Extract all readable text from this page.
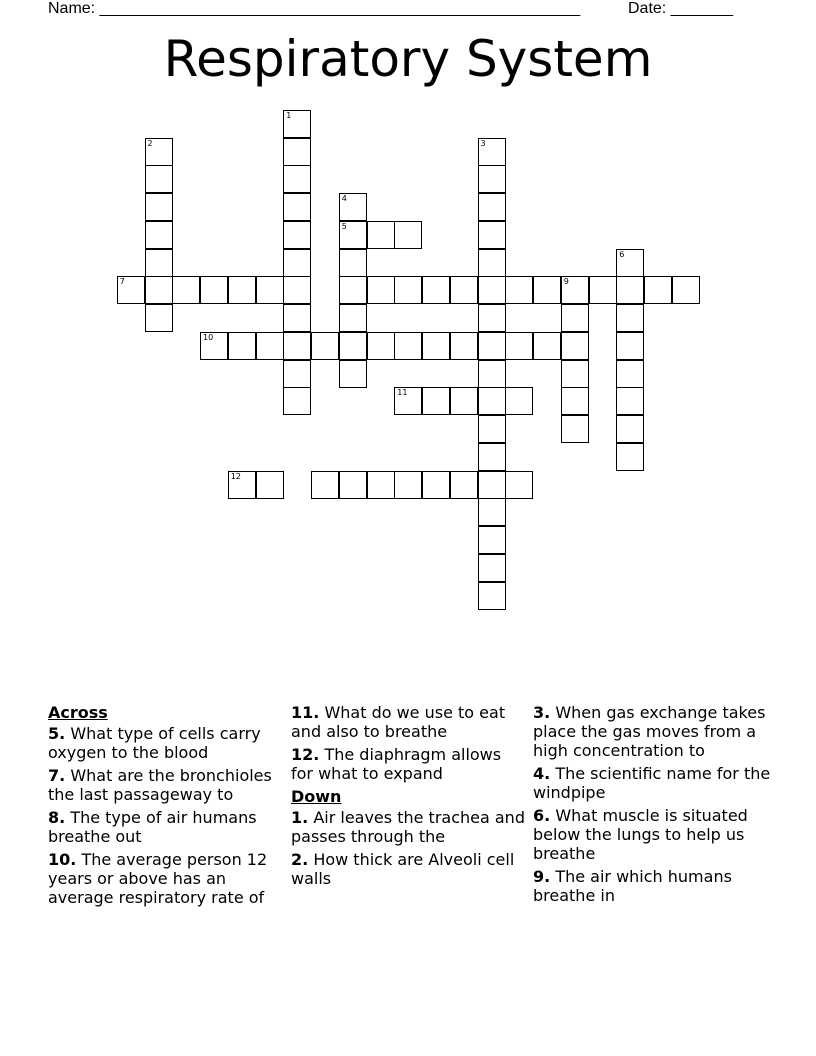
Name: ______________________________________________________	Date: _______
Respiratory System
1
2	3
4
5
6
7	9
10
11
12
Across
5. What type of cells carry oxygen to the blood
7. What are the bronchioles the last passageway to
8. The type of air humans breathe out
10. The average person 12 years or above has an average respiratory rate of
11. What do we use to eat and also to breathe
12. The diaphragm allows for what to expand
Down
1. Air leaves the trachea and passes through the
2. How thick are Alveoli cell walls
3. When gas exchange takes place the gas moves from a high concentration to
4. The scientific name for the windpipe
6. What muscle is situated below the lungs to help us breathe
9. The air which humans breathe in
